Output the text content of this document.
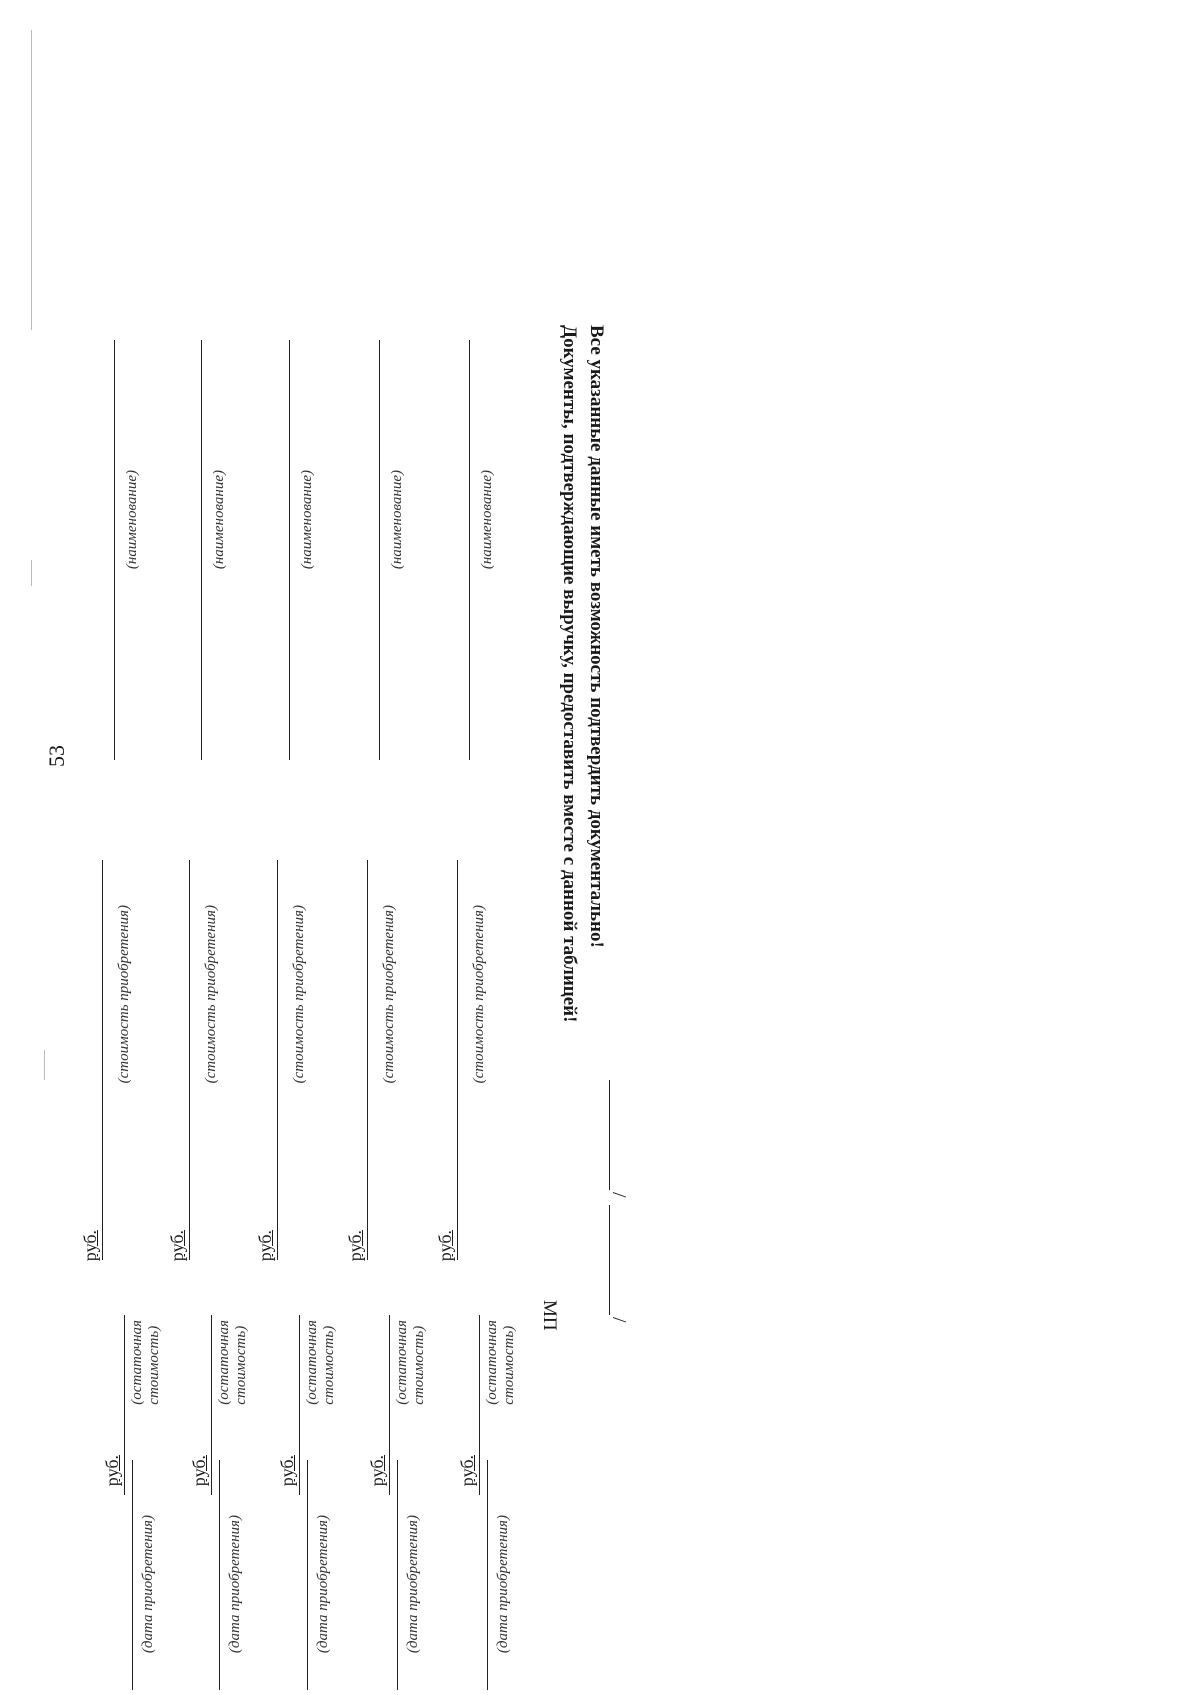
53
(наименование)
(стоимость приобретения)
руб.
руб.
(остаточная
стоимость)
(дата приобретения)
(наименование)
(стоимость приобретения)
руб.
руб.
(остаточная
стоимость)
(дата приобретения)
(наименование)
(стоимость приобретения)
руб.
руб.
(остаточная
стоимость)
(дата приобретения)
(наименование)
(стоимость приобретения)
руб.
руб.
(остаточная
стоимость)
(дата приобретения)
(наименование)
(стоимость приобретения)
руб.
руб.
(остаточная
стоимость)
(дата приобретения)
Все указанные данные иметь возможность подтвердить документально!
Документы, подтверждающие выручку, предоставить вместе с данной таблицей!
/
/
МП
